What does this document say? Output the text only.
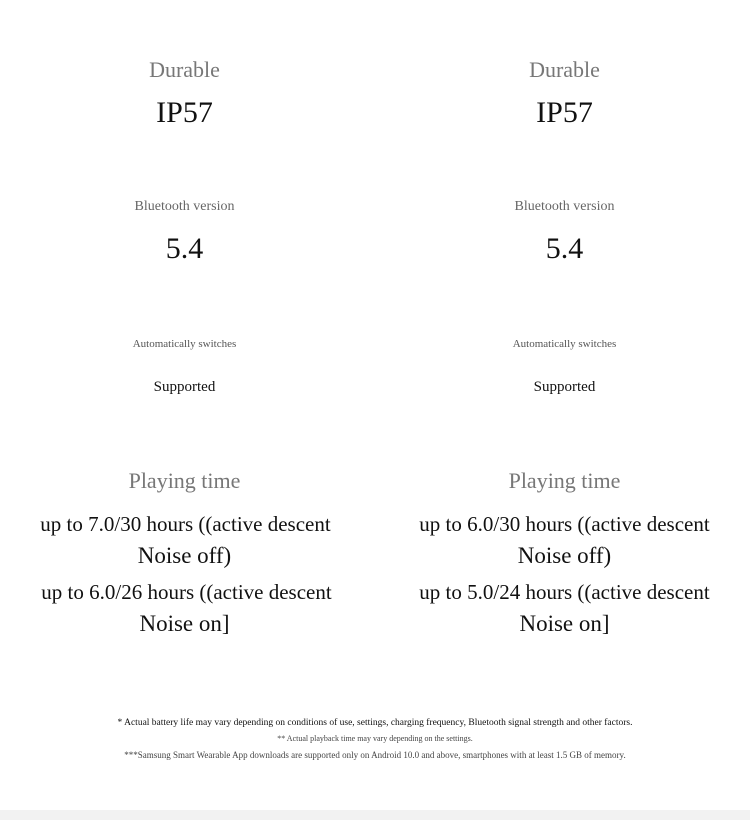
Durable
IP57
Bluetooth version
5.4
Automatically switches
Supported
Playing time
up to 7.0/30 hours ((active descent
Noise off)
up to 6.0/26 hours ((active descent
Noise on]
Durable
IP57
Bluetooth version
5.4
Automatically switches
Supported
Playing time
up to 6.0/30 hours ((active descent
Noise off)
up to 5.0/24 hours ((active descent
Noise on]
* Actual battery life may vary depending on conditions of use, settings, charging frequency, Bluetooth signal strength and other factors.
** Actual playback time may vary depending on the settings.
***Samsung Smart Wearable App downloads are supported only on Android 10.0 and above, smartphones with at least 1.5 GB of memory.
